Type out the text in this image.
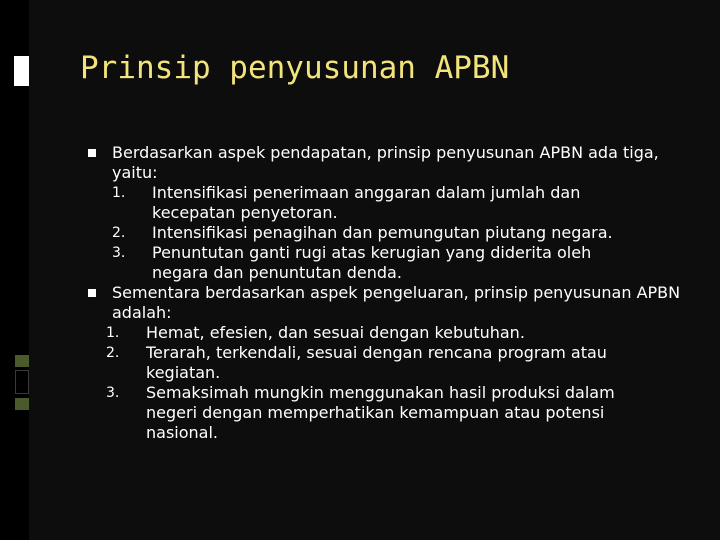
Prinsip penyusunan APBN
Berdasarkan aspek pendapatan, prinsip penyusunan APBN ada tiga, yaitu:
1. Intensifikasi penerimaan anggaran dalam jumlah dan kecepatan penyetoran.
2. Intensifikasi penagihan dan pemungutan piutang negara.
3. Penuntutan ganti rugi atas kerugian yang diderita oleh negara dan penuntutan denda.
Sementara berdasarkan aspek pengeluaran, prinsip penyusunan APBN adalah:
1. Hemat, efesien, dan sesuai dengan kebutuhan.
2. Terarah, terkendali, sesuai dengan rencana program atau kegiatan.
3. Semaksimah mungkin menggunakan hasil produksi dalam negeri dengan memperhatikan kemampuan atau potensi nasional.
